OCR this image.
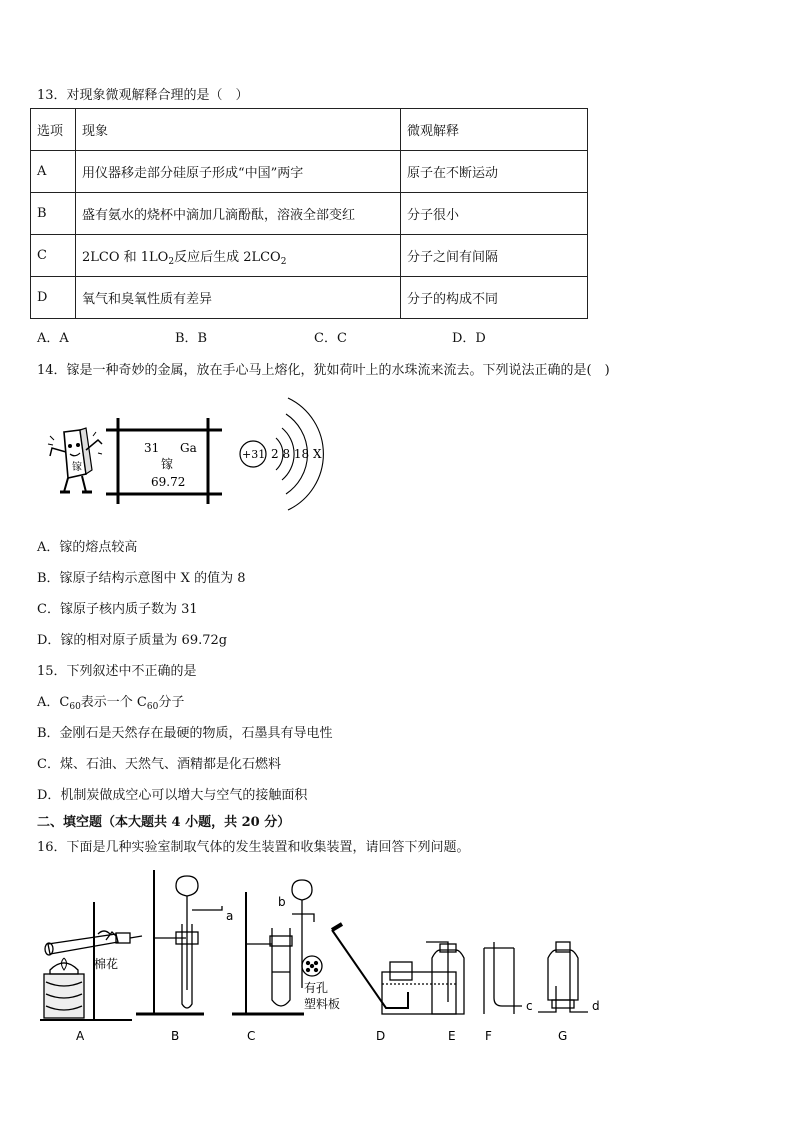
13．对现象微观解释合理的是（　）
选项	现象	微观解释
A	用仪器移走部分硅原子形成“中国”两字	原子在不断运动
B	盛有氨水的烧杯中滴加几滴酚酞，溶液全部变红	分子很小
C	2LCO 和 $1LO_2$反应后生成 $2LCO_2$	分子之间有间隔
D	氧气和臭氧性质有差异	分子的构成不同
A．A	B．B	C．C	D．D
14．镓是一种奇妙的金属，放在手心马上熔化，犹如荷叶上的水珠流来流去。下列说法正确的是(　)
镓
31 Ga
镓
69.72
+31 2 8 18 X
A．镓的熔点较高
B．镓原子结构示意图中 X 的值为 8
C．镓原子核内质子数为 31
D．镓的相对原子质量为 69.72g
15．下列叙述中不正确的是
A．$C_{60}$表示一个 $C_{60}$分子
B．金刚石是天然存在最硬的物质，石墨具有导电性
C．煤、石油、天然气、酒精都是化石燃料
D．机制炭做成空心可以增大与空气的接触面积
二、填空题（本大题共 4 小题，共 20 分）
16．下面是几种实验室制取气体的发生装置和收集装置，请回答下列问题。
A	B	C	D	E F	G
棉花
a
b
有孔
塑料板	c	d
